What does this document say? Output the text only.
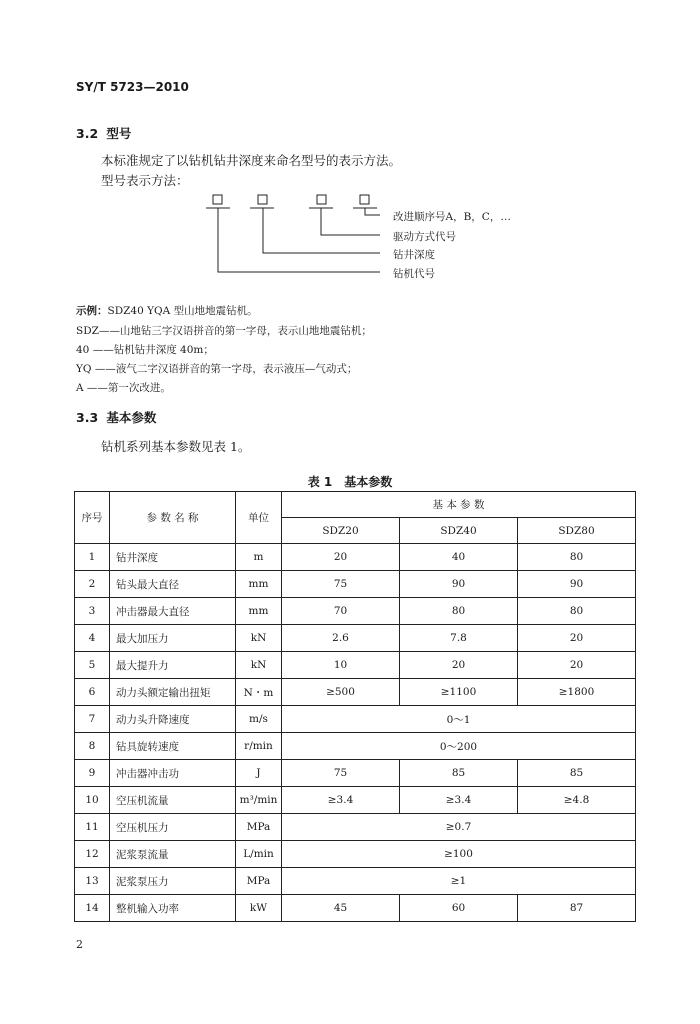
SY/T 5723—2010
3.2 型号
本标准规定了以钻机钻井深度来命名型号的表示方法。
型号表示方法：
改进顺序号A，B，C，…
驱动方式代号
钻井深度
钻机代号
示例：SDZ40 YQA 型山地地震钻机。
SDZ——山地钻三字汉语拼音的第一字母，表示山地地震钻机；
40 ——钻机钻井深度 40m；
YQ ——液气二字汉语拼音的第一字母，表示液压—气动式；
A ——第一次改进。
3.3 基本参数
钻机系列基本参数见表 1。
表 1　基本参数
序号	参 数 名 称	单位	基 本 参 数		
			SDZ20	SDZ40	SDZ80
1	钻井深度	m	20	40	80
2	钻头最大直径	mm	75	90	90
3	冲击器最大直径	mm	70	80	80
4	最大加压力	kN	2.6	7.8	20
5	最大提升力	kN	10	20	20
6	动力头额定输出扭矩	N・m	≥500	≥1100	≥1800
7	动力头升降速度	m/s	0～1		
8	钻具旋转速度	r/min	0～200		
9	冲击器冲击功	J	75	85	85
10	空压机流量	m³/min	≥3.4	≥3.4	≥4.8
11	空压机压力	MPa	≥0.7		
12	泥浆泵流量	L/min	≥100		
13	泥浆泵压力	MPa	≥1		
14	整机输入功率	kW	45	60	87
2
